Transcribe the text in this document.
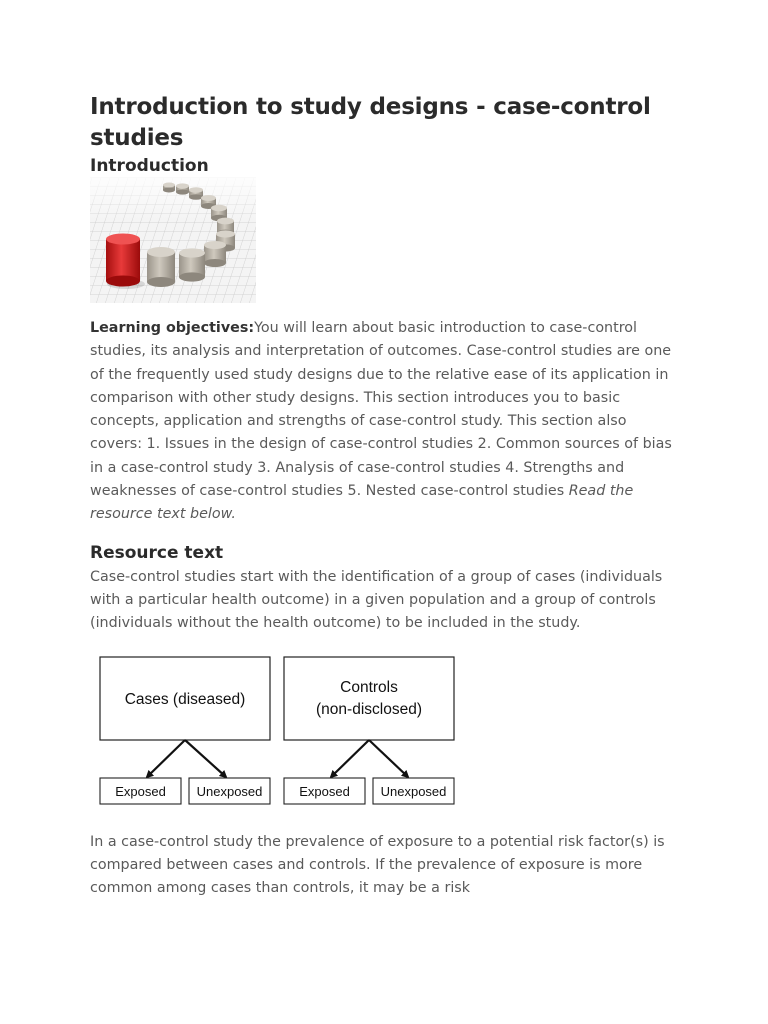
Introduction to study designs - case-control studies
Introduction

Learning objectives:You will learn about basic introduction to case-control studies, its analysis and interpretation of outcomes. Case-control studies are one of the frequently used study designs due to the relative ease of its application in comparison with other study designs. This section introduces you to basic concepts, application and strengths of case-control study. This section also covers: 1. Issues in the design of case-control studies 2. Common sources of bias in a case-control study 3. Analysis of case-control studies 4. Strengths and weaknesses of case-control studies 5. Nested case-control studies Read the resource text below.

Resource text

Case-control studies start with the identification of a group of cases (individuals with a particular health outcome) in a given population and a group of controls (individuals without the health outcome) to be included in the study.

Cases (diseased)
Controls
(non-disclosed)
Exposed Unexposed	Exposed Unexposed

In a case-control study the prevalence of exposure to a potential risk factor(s) is compared between cases and controls. If the prevalence of exposure is more common among cases than controls, it may be a risk
